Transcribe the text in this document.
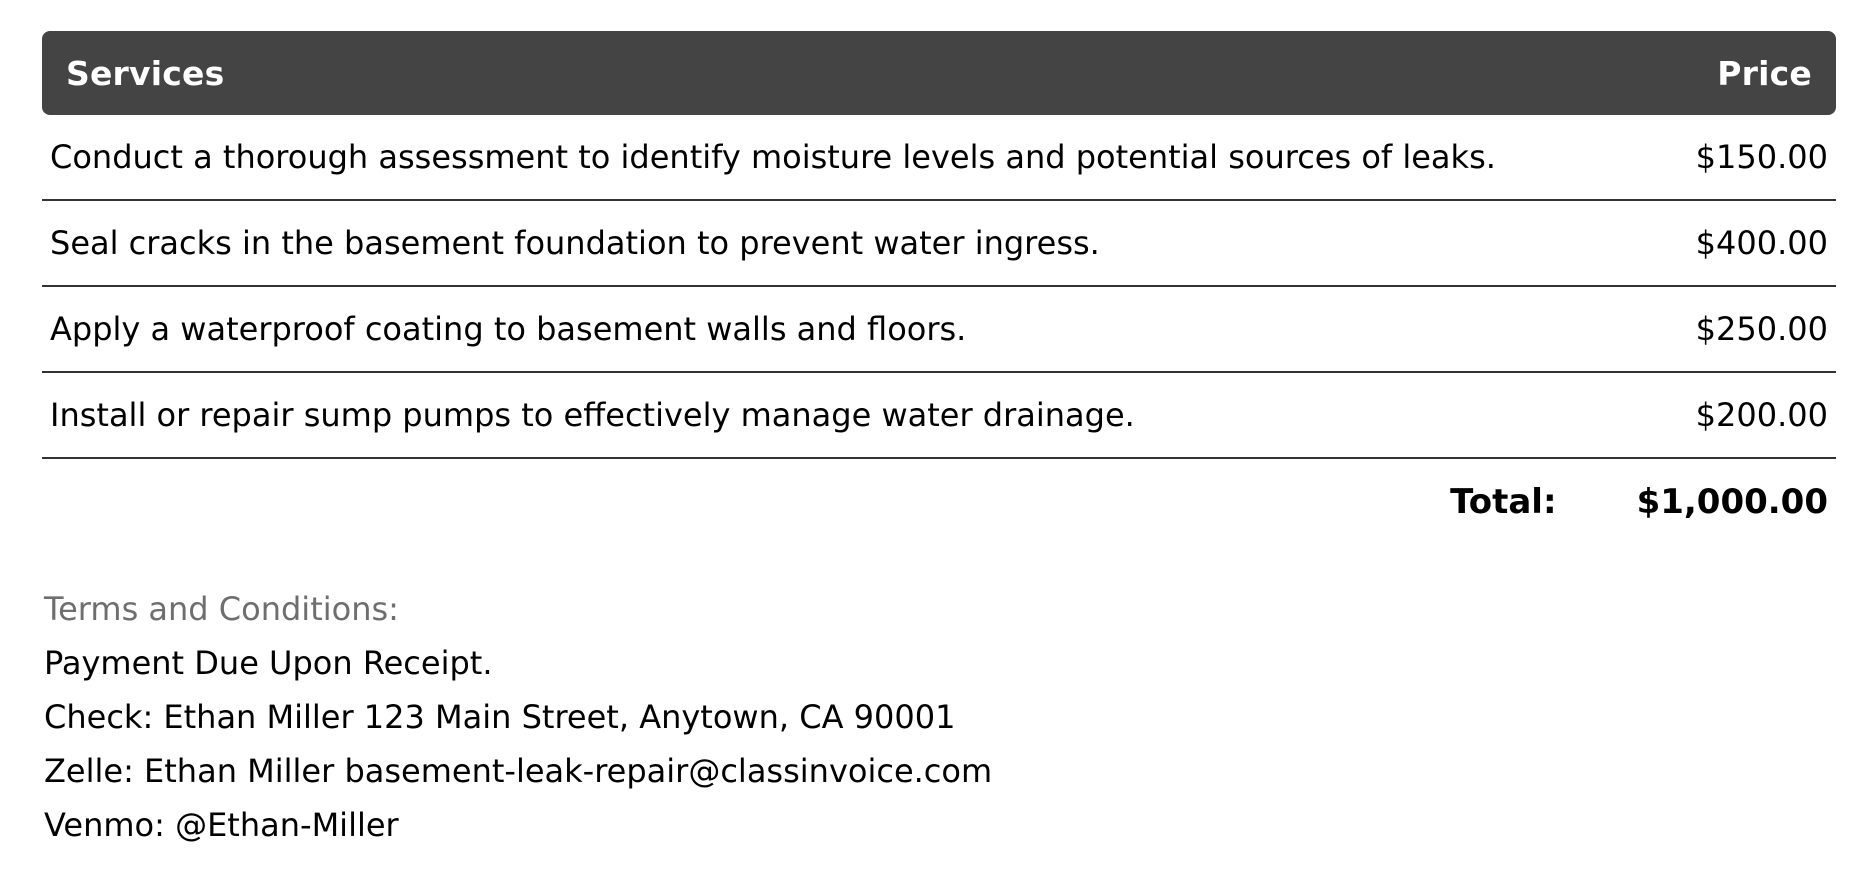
Services	Price
Conduct a thorough assessment to identify moisture levels and potential sources of leaks.	$150.00
Seal cracks in the basement foundation to prevent water ingress.	$400.00
Apply a waterproof coating to basement walls and floors.	$250.00
Install or repair sump pumps to effectively manage water drainage.	$200.00
Total: $1,000.00
Terms and Conditions:
Payment Due Upon Receipt.
Check: Ethan Miller 123 Main Street, Anytown, CA 90001
Zelle: Ethan Miller basement-leak-repair@classinvoice.com
Venmo: @Ethan-Miller
